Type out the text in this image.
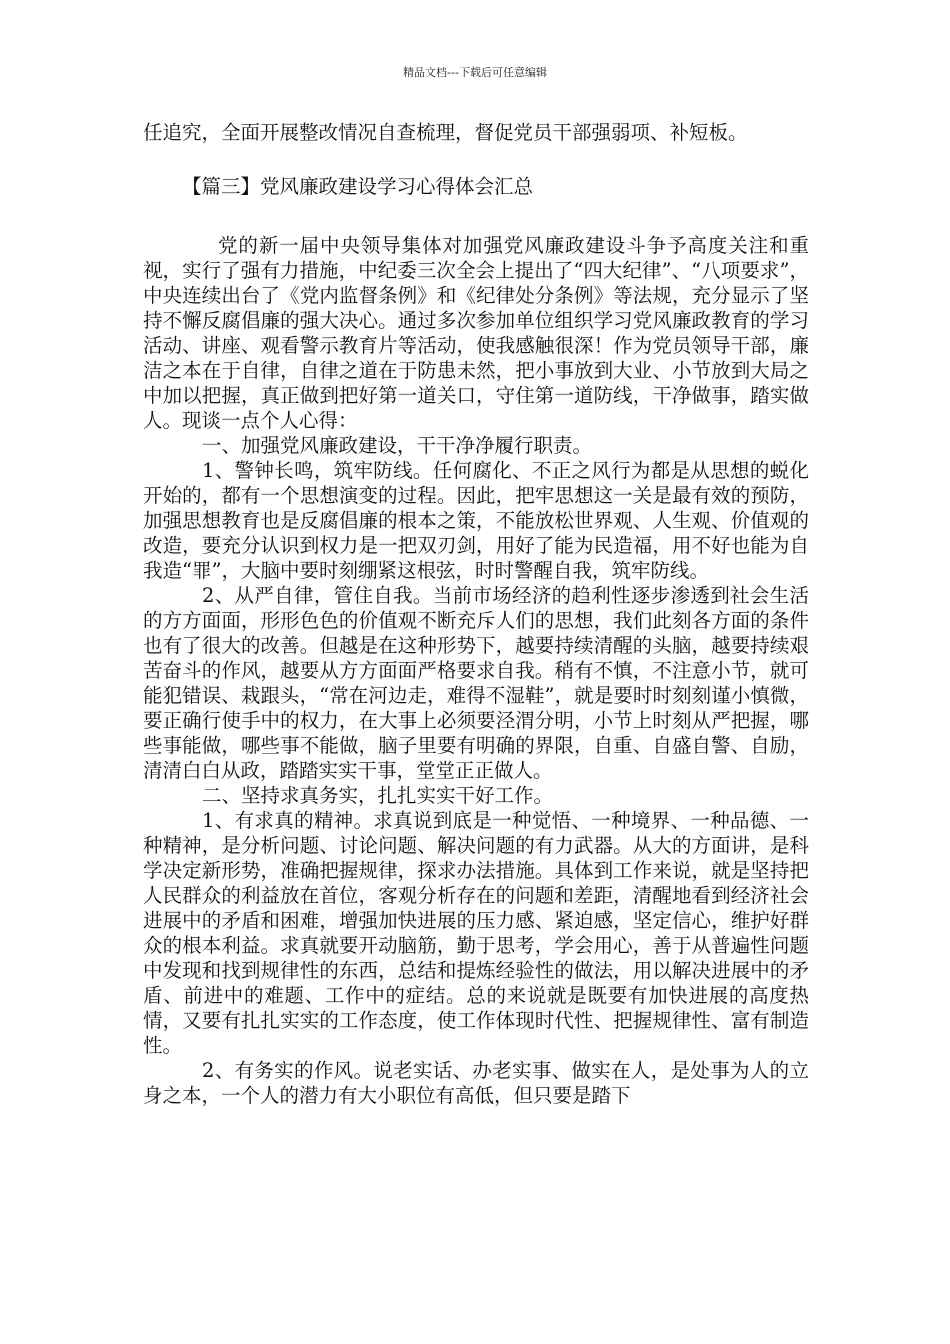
精品文档---下载后可任意编辑

任追究，全面开展整改情况自查梳理，督促党员干部强弱项、补短板。

【篇三】党风廉政建设学习心得体会汇总

党的新一届中央领导集体对加强党风廉政建设斗争予高度关注和重视，实行了强有力措施，中纪委三次全会上提出了“四大纪律”、“八项要求”，中央连续出台了《党内监督条例》和《纪律处分条例》等法规，充分显示了坚持不懈反腐倡廉的强大决心。通过多次参加单位组织学习党风廉政教育的学习活动、讲座、观看警示教育片等活动，使我感触很深！作为党员领导干部，廉洁之本在于自律，自律之道在于防患未然，把小事放到大业、小节放到大局之中加以把握，真正做到把好第一道关口，守住第一道防线，干净做事，踏实做人。现谈一点个人心得：

一、加强党风廉政建设，干干净净履行职责。

1、警钟长鸣，筑牢防线。任何腐化、不正之风行为都是从思想的蜕化开始的，都有一个思想演变的过程。因此，把牢思想这一关是最有效的预防，加强思想教育也是反腐倡廉的根本之策，不能放松世界观、人生观、价值观的改造，要充分认识到权力是一把双刃剑，用好了能为民造福，用不好也能为自我造“罪”，大脑中要时刻绷紧这根弦，时时警醒自我，筑牢防线。

2、从严自律，管住自我。当前市场经济的趋利性逐步渗透到社会生活的方方面面，形形色色的价值观不断充斥人们的思想，我们此刻各方面的条件也有了很大的改善。但越是在这种形势下，越要持续清醒的头脑，越要持续艰苦奋斗的作风，越要从方方面面严格要求自我。稍有不慎，不注意小节，就可能犯错误、栽跟头，“常在河边走，难得不湿鞋”，就是要时时刻刻谨小慎微，要正确行使手中的权力，在大事上必须要泾渭分明，小节上时刻从严把握，哪些事能做，哪些事不能做，脑子里要有明确的界限，自重、自盛自警、自励，清清白白从政，踏踏实实干事，堂堂正正做人。

二、坚持求真务实，扎扎实实干好工作。

1、有求真的精神。求真说到底是一种觉悟、一种境界、一种品德、一种精神，是分析问题、讨论问题、解决问题的有力武器。从大的方面讲，是科学决定新形势，准确把握规律，探求办法措施。具体到工作来说，就是坚持把人民群众的利益放在首位，客观分析存在的问题和差距，清醒地看到经济社会进展中的矛盾和困难，增强加快进展的压力感、紧迫感，坚定信心，维护好群众的根本利益。求真就要开动脑筋，勤于思考，学会用心，善于从普遍性问题中发现和找到规律性的东西，总结和提炼经验性的做法，用以解决进展中的矛盾、前进中的难题、工作中的症结。总的来说就是既要有加快进展的高度热情，又要有扎扎实实的工作态度，使工作体现时代性、把握规律性、富有制造性。

2、有务实的作风。说老实话、办老实事、做实在人，是处事为人的立身之本，一个人的潜力有大小职位有高低，但只要是踏下
